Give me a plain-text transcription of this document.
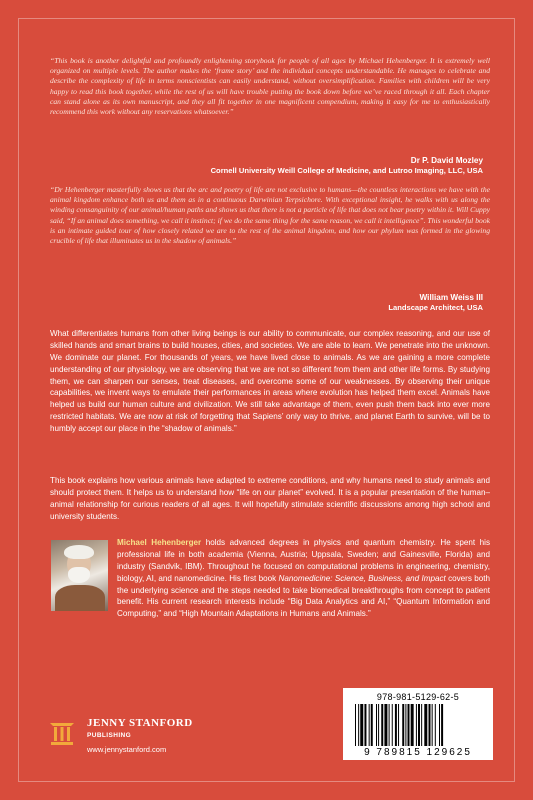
“This book is another delightful and profoundly enlightening storybook for people of all ages by Michael Hehenberger. It is extremely well organized on multiple levels. The author makes the ‘frame story’ and the individual concepts understandable. He manages to celebrate and describe the complexity of life in terms nonscientists can easily understand, without oversimplification. Families with children will be very happy to read this book together, while the rest of us will have trouble putting the book down before we’ve raced through it all. Each chapter can stand alone as its own manuscript, and they all fit together in one magnificent compendium, making it easy for me to enthusiastically recommend this work without any reservations whatsoever.”
Dr P. David Mozley
Cornell University Weill College of Medicine, and Lutroo Imaging, LLC, USA
“Dr Hehenberger masterfully shows us that the arc and poetry of life are not exclusive to humans—the countless interactions we have with the animal kingdom enhance both us and them as in a continuous Darwinian Terpsichore. With exceptional insight, he walks with us along the winding consanguinity of our animal/human paths and shows us that there is not a particle of life that does not bear poetry within it. Will Cuppy said, “If an animal does something, we call it instinct; if we do the same thing for the same reason, we call it intelligence”. This wonderful book is an intimate guided tour of how closely related we are to the rest of the animal kingdom, and how our phylum was formed in the glowing crucible of life that illuminates us in the shadow of animals.”
William Weiss III
Landscape Architect, USA

What differentiates humans from other living beings is our ability to communicate, our complex reasoning, and our use of skilled hands and smart brains to build houses, cities, and societies. We are able to learn. We penetrate into the unknown. We dominate our planet. For thousands of years, we have lived close to animals. As we are gaining a more complete understanding of our physiology, we are observing that we are not so different from them and other life forms. By studying them, we can sharpen our senses, treat diseases, and overcome some of our weaknesses. By observing their unique capabilities, we invent ways to emulate their performances in areas where evolution has helped them excel. Animals have helped us build our human culture and civilization. We still take advantage of them, even push them back into ever more restricted habitats. We are now at risk of forgetting that Sapiens’ only way to thrive, and planet Earth to survive, will be to humbly accept our place in the “shadow of animals.”

This book explains how various animals have adapted to extreme conditions, and why humans need to study animals and should protect them. It helps us to understand how “life on our planet” evolved. It is a popular presentation of the human–animal relationship for curious readers of all ages. It will hopefully stimulate scientific discussions among high school and university students.

Michael Hehenberger holds advanced degrees in physics and quantum chemistry. He spent his professional life in both academia (Vienna, Austria; Uppsala, Sweden; and Gainesville, Florida) and industry (Sandvik, IBM). Throughout he focused on computational problems in engineering, chemistry, biology, AI, and nanomedicine. His first book Nanomedicine: Science, Business, and Impact covers both the underlying science and the steps needed to take biomedical breakthroughs from concept to patient benefit. His current research interests include “Big Data Analytics and AI,” “Quantum Information and Computing,” and “High Mountain Adaptations in Humans and Animals.”
JENNY STANFORD
PUBLISHING
www.jennystanford.com
978-981-5129-62-5
9 789815 129625
